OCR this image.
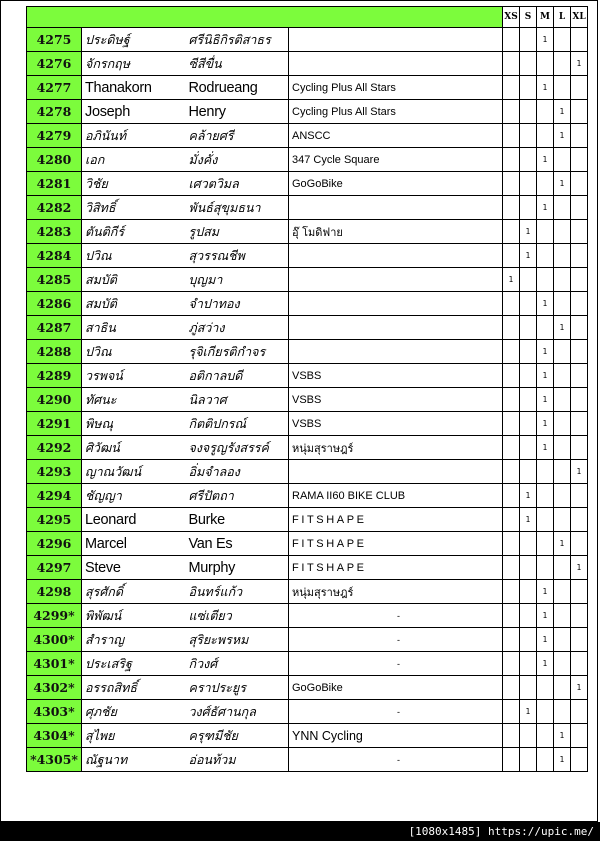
				XS	S	M	L	XL
4275	ประดิษฐ์	ศรีนิธิกิรติสาธร				1		
4276	จักรกฤษ	ซีสีขื่น						1
4277	Thanakorn	Rodrueang	Cycling Plus All Stars			1		
4278	Joseph	Henry	Cycling Plus All Stars				1	
4279	อภินันท์	คล้ายศรี	ANSCC				1	
4280	เอก	มั่งคั่ง	347 Cycle Square			1		
4281	วิชัย	เศวตวิมล	GoGoBike				1	
4282	วิสิทธิ์	พันธ์สุขุมธนา				1		
4283	ตันติกีร์	รูปสม	อุ๊ โมดิฟาย		1			
4284	ปวิณ	สุวรรณชีพ			1			
4285	สมบัติ	บุญมา		1				
4286	สมบัติ	จำปาทอง				1		
4287	สาธิน	ภู่สว่าง					1	
4288	ปวิณ	รุจิเกียรติกำจร				1		
4289	วรพจน์	อติกาลบดี	VSBS			1		
4290	ทัศนะ	นิลวาศ	VSBS			1		
4291	พิษณุ	กิตติปกรณ์	VSBS			1		
4292	ศิวัฒน์	จงจรูญรังสรรค์	หนุ่มสุราษฎร์			1		
4293	ญาณวัฒน์	อิ่มจำลอง						1
4294	ชัญญา	ศรีปัตถา	RAMA II60 BIKE CLUB		1			
4295	Leonard	Burke	FITSHAPE		1			
4296	Marcel	Van Es	FITSHAPE				1	
4297	Steve	Murphy	FITSHAPE					1
4298	สุรศักดิ์	อินทร์แก้ว	หนุ่มสุราษฎร์			1		
4299*	พิพัฒน์	แซ่เตียว	-			1		
4300*	สำราญ	สุริยะพรหม	-			1		
4301*	ประเสริฐ	กิวงศ์	-			1		
4302*	อรรถสิทธิ์	คราประยูร	GoGoBike					1
4303*	ศุภชัย	วงศ์ธัศานกุล	-		1			
4304*	สุไพย	ครุฑมีชัย	YNN Cycling				1	
*4305*	ณัฐนาท	อ่อนท้วม	-				1	
[1080x1485] https://upic.me/
